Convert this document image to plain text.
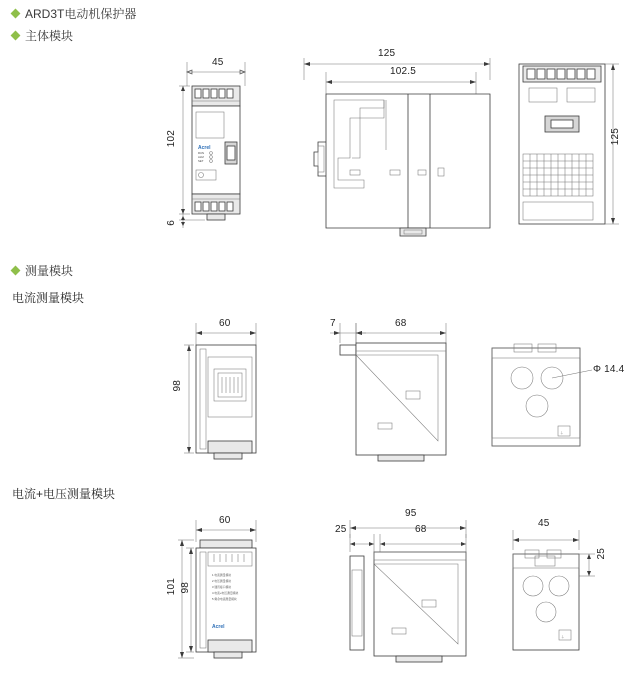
ARD3T电动机保护器
主体模块
测量模块
电流测量模块
电流+电压测量模块
Acrel
RUN
ALM
SET
45
102
6
125
102.5
125
60
98
7	68
⏚
Φ 14.4
1 电流测量模块
2 电压测量模块
3 通讯接口模块
4 电流+电压测量模块
5 剩余电流测量模块
Acrel
60
101 98
95
25	68
⏚
45
25
